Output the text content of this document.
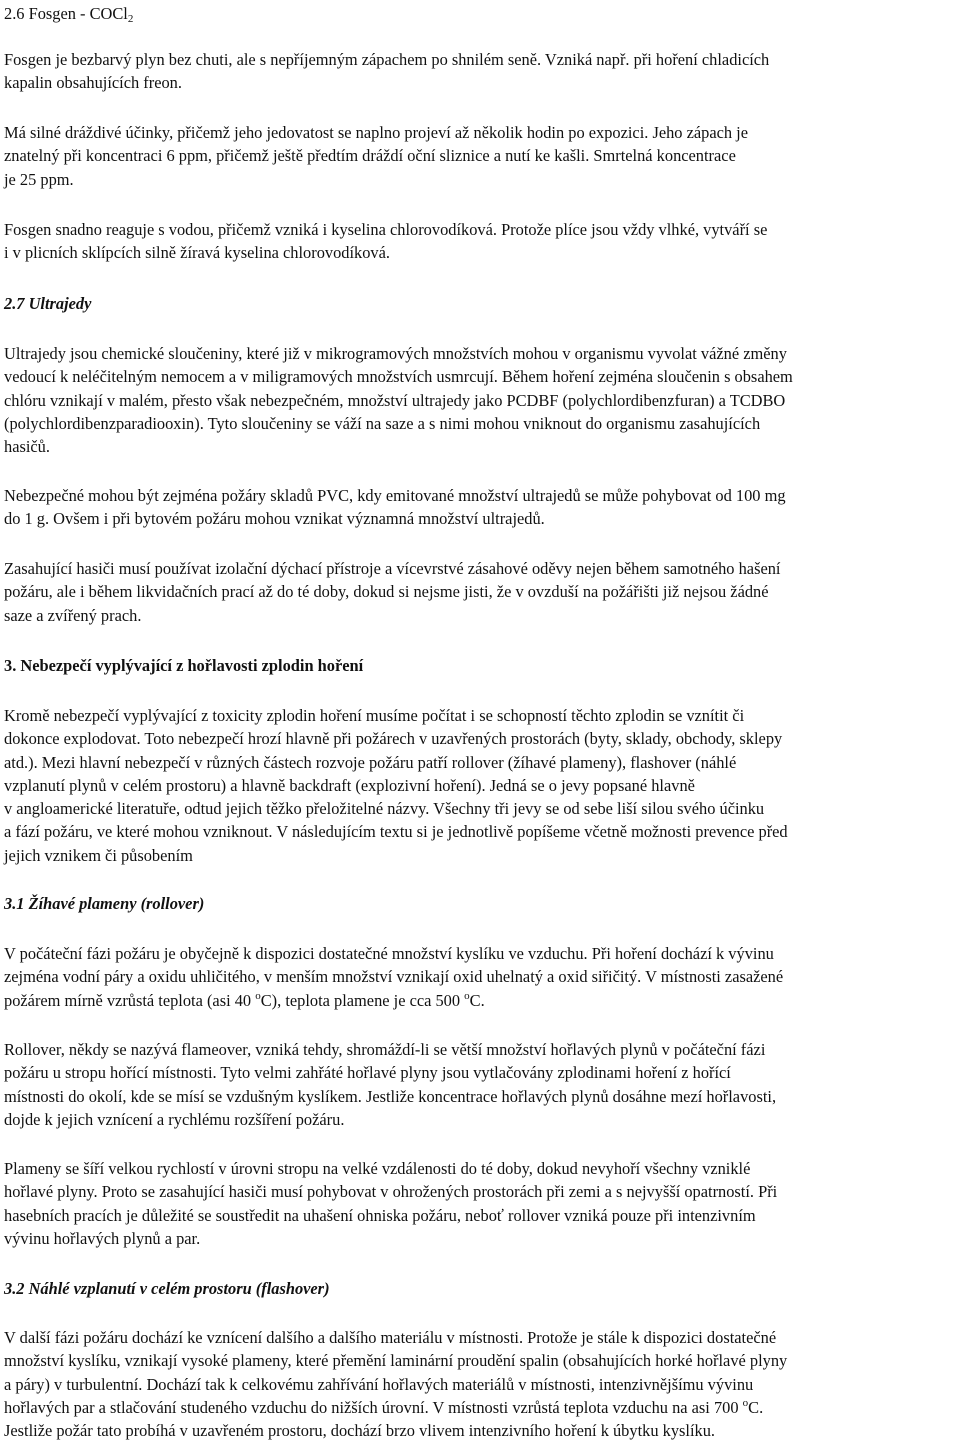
2.6 Fosgen - COCl$_2$
Fosgen je bezbarvý plyn bez chuti, ale s nepříjemným zápachem po shnilém seně. Vzniká např. při hoření chladicích
kapalin obsahujících freon.
Má silné dráždivé účinky, přičemž jeho jedovatost se naplno projeví až několik hodin po expozici. Jeho zápach je
znatelný při koncentraci 6 ppm, přičemž ještě předtím dráždí oční sliznice a nutí ke kašli. Smrtelná koncentrace
je 25 ppm.
Fosgen snadno reaguje s vodou, přičemž vzniká i kyselina chlorovodíková. Protože plíce jsou vždy vlhké, vytváří se
i v plicních sklípcích silně žíravá kyselina chlorovodíková.
2.7 Ultrajedy
Ultrajedy jsou chemické sloučeniny, které již v mikrogramových množstvích mohou v organismu vyvolat vážné změny
vedoucí k neléčitelným nemocem a v miligramových množstvích usmrcují. Během hoření zejména sloučenin s obsahem
chlóru vznikají v malém, přesto však nebezpečném, množství ultrajedy jako PCDBF (polychlordibenzfuran) a TCDBO
(polychlordibenzparadiooxin). Tyto sloučeniny se váží na saze a s nimi mohou vniknout do organismu zasahujících
hasičů.
Nebezpečné mohou být zejména požáry skladů PVC, kdy emitované množství ultrajedů se může pohybovat od 100 mg
do 1 g. Ovšem i při bytovém požáru mohou vznikat významná množství ultrajedů.
Zasahující hasiči musí používat izolační dýchací přístroje a vícevrstvé zásahové oděvy nejen během samotného hašení
požáru, ale i během likvidačních prací až do té doby, dokud si nejsme jisti, že v ovzduší na požářišti již nejsou žádné
saze a zvířený prach.
3. Nebezpečí vyplývající z hořlavosti zplodin hoření
Kromě nebezpečí vyplývající z toxicity zplodin hoření musíme počítat i se schopností těchto zplodin se vznítit či
dokonce explodovat. Toto nebezpečí hrozí hlavně při požárech v uzavřených prostorách (byty, sklady, obchody, sklepy
atd.). Mezi hlavní nebezpečí v různých částech rozvoje požáru patří rollover (žíhavé plameny), flashover (náhlé
vzplanutí plynů v celém prostoru) a hlavně backdraft (explozivní hoření). Jedná se o jevy popsané hlavně
v angloamerické literatuře, odtud jejich těžko přeložitelné názvy. Všechny tři jevy se od sebe liší silou svého účinku
a fází požáru, ve které mohou vzniknout. V následujícím textu si je jednotlivě popíšeme včetně možnosti prevence před
jejich vznikem či působením
3.1 Žíhavé plameny (rollover)
V počáteční fázi požáru je obyčejně k dispozici dostatečné množství kyslíku ve vzduchu. Při hoření dochází k vývinu
zejména vodní páry a oxidu uhličitého, v menším množství vznikají oxid uhelnatý a oxid siřičitý. V místnosti zasažené
požárem mírně vzrůstá teplota (asi 40 $^o$C), teplota plamene je cca 500 $^o$C.
Rollover, někdy se nazývá flameover, vzniká tehdy, shromáždí-li se větší množství hořlavých plynů v počáteční fázi
požáru u stropu hořící místnosti. Tyto velmi zahřáté hořlavé plyny jsou vytlačovány zplodinami hoření z hořící
místnosti do okolí, kde se mísí se vzdušným kyslíkem. Jestliže koncentrace hořlavých plynů dosáhne mezí hořlavosti,
dojde k jejich vznícení a rychlému rozšíření požáru.
Plameny se šíří velkou rychlostí v úrovni stropu na velké vzdálenosti do té doby, dokud nevyhoří všechny vzniklé
hořlavé plyny. Proto se zasahující hasiči musí pohybovat v ohrožených prostorách při zemi a s nejvyšší opatrností. Při
hasebních pracích je důležité se soustředit na uhašení ohniska požáru, neboť rollover vzniká pouze při intenzivním
vývinu hořlavých plynů a par.
3.2 Náhlé vzplanutí v celém prostoru (flashover)
V další fázi požáru dochází ke vznícení dalšího a dalšího materiálu v místnosti. Protože je stále k dispozici dostatečné
množství kyslíku, vznikají vysoké plameny, které přemění laminární proudění spalin (obsahujících horké hořlavé plyny
a páry) v turbulentní. Dochází tak k celkovému zahřívání hořlavých materiálů v místnosti, intenzivnějšímu vývinu
hořlavých par a stlačování studeného vzduchu do nižších úrovní. V místnosti vzrůstá teplota vzduchu na asi 700 $^o$C.
Jestliže požár tato probíhá v uzavřeném prostoru, dochází brzo vlivem intenzivního hoření k úbytku kyslíku.
